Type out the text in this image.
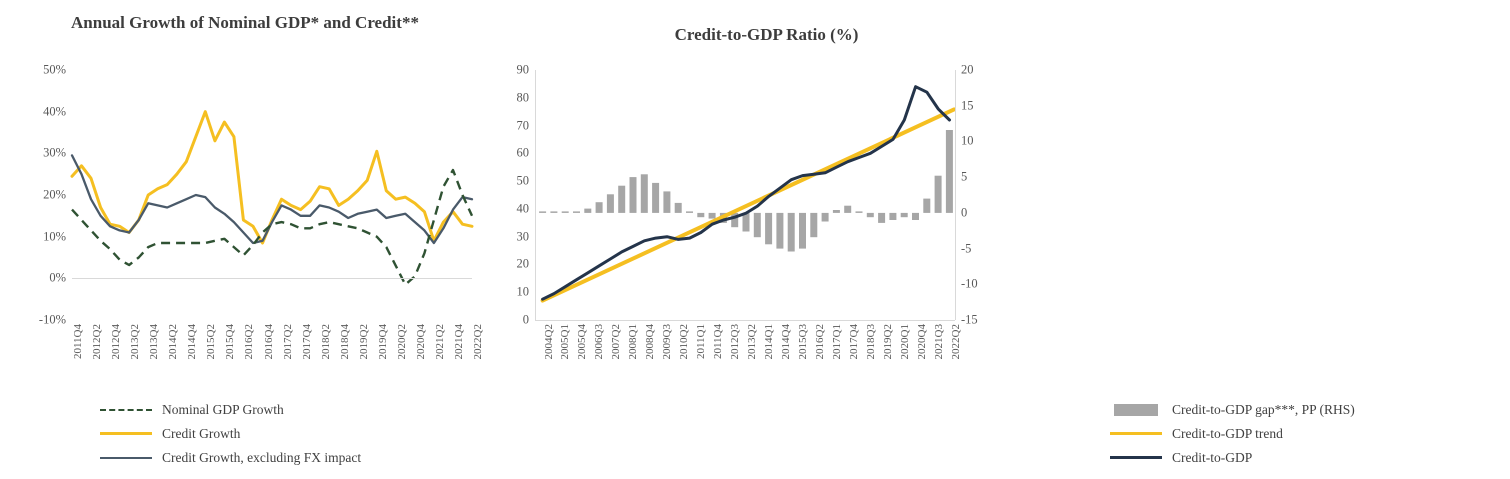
Annual Growth of Nominal GDP* and Credit**
-10%
0%
10%
20%
30%
40%
50%
2011Q4 2012Q2 2012Q4 2013Q2 2013Q4 2014Q2 2014Q4 2015Q2 2015Q4 2016Q2 2016Q4 2017Q2 2017Q4 2018Q2 2018Q4 2019Q2 2019Q4 2020Q2 2020Q4 2021Q2 2021Q4 2022Q2
Nominal GDP Growth
Credit Growth
Credit Growth, excluding FX impact
Credit-to-GDP Ratio (%)
0
10
20
30
40
50
60
70
80
90
-15
-10
-5
0
5
10
15
20
2004Q2 2005Q1 2005Q4 2006Q3 2007Q2 2008Q1 2008Q4 2009Q3 2010Q2 2011Q1 2011Q4 2012Q3 2013Q2 2014Q1 2014Q4 2015Q3 2016Q2 2017Q1 2017Q4 2018Q3 2019Q2 2020Q1 2020Q4 2021Q3 2022Q2
Credit-to-GDP gap***, PP (RHS)
Credit-to-GDP trend
Credit-to-GDP
